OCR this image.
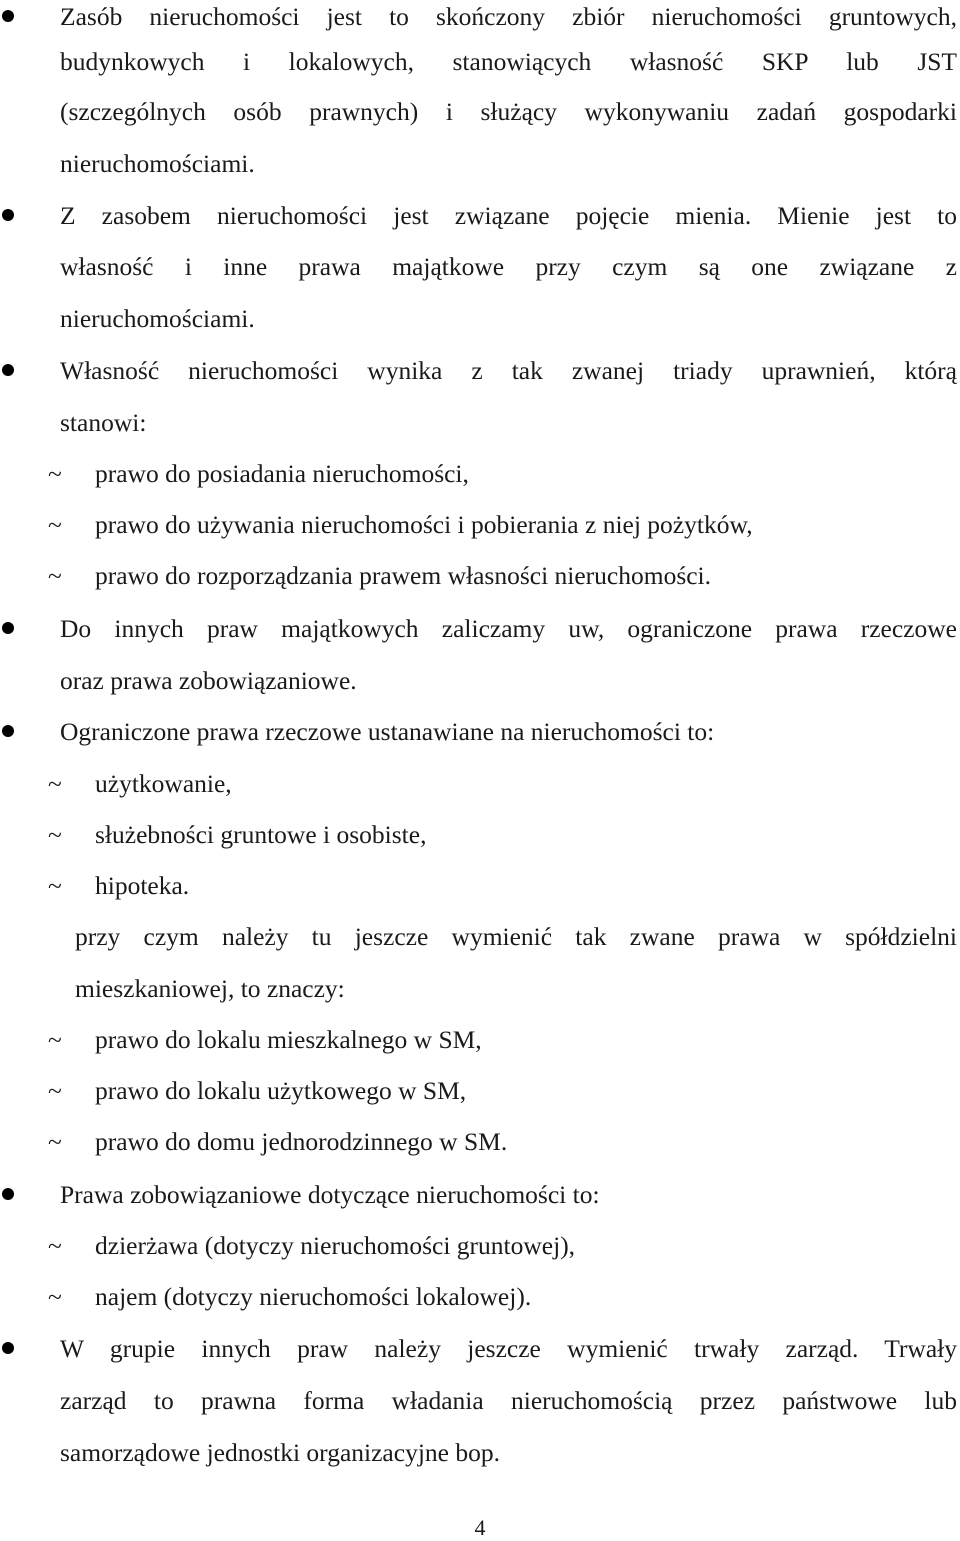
Zasób nieruchomości jest to skończony zbiór nieruchomości gruntowych,
budynkowych i lokalowych, stanowiących własność SKP lub JST
(szczególnych osób prawnych) i służący wykonywaniu zadań gospodarki
nieruchomościami.
Z zasobem nieruchomości jest związane pojęcie mienia. Mienie jest to
własność i inne prawa majątkowe przy czym są one związane z
nieruchomościami.
Własność nieruchomości wynika z tak zwanej triady uprawnień, którą
stanowi:
~ prawo do posiadania nieruchomości,
~ prawo do używania nieruchomości i pobierania z niej pożytków,
~ prawo do rozporządzania prawem własności nieruchomości.
Do innych praw majątkowych zaliczamy uw, ograniczone prawa rzeczowe
oraz prawa zobowiązaniowe.
Ograniczone prawa rzeczowe ustanawiane na nieruchomości to:
~ użytkowanie,
~ służebności gruntowe i osobiste,
~ hipoteka.
przy czym należy tu jeszcze wymienić tak zwane prawa w spółdzielni
mieszkaniowej, to znaczy:
~ prawo do lokalu mieszkalnego w SM,
~ prawo do lokalu użytkowego w SM,
~ prawo do domu jednorodzinnego w SM.
Prawa zobowiązaniowe dotyczące nieruchomości to:
~ dzierżawa (dotyczy nieruchomości gruntowej),
~ najem (dotyczy nieruchomości lokalowej).
W grupie innych praw należy jeszcze wymienić trwały zarząd. Trwały
zarząd to prawna forma władania nieruchomością przez państwowe lub
samorządowe jednostki organizacyjne bop.
4
